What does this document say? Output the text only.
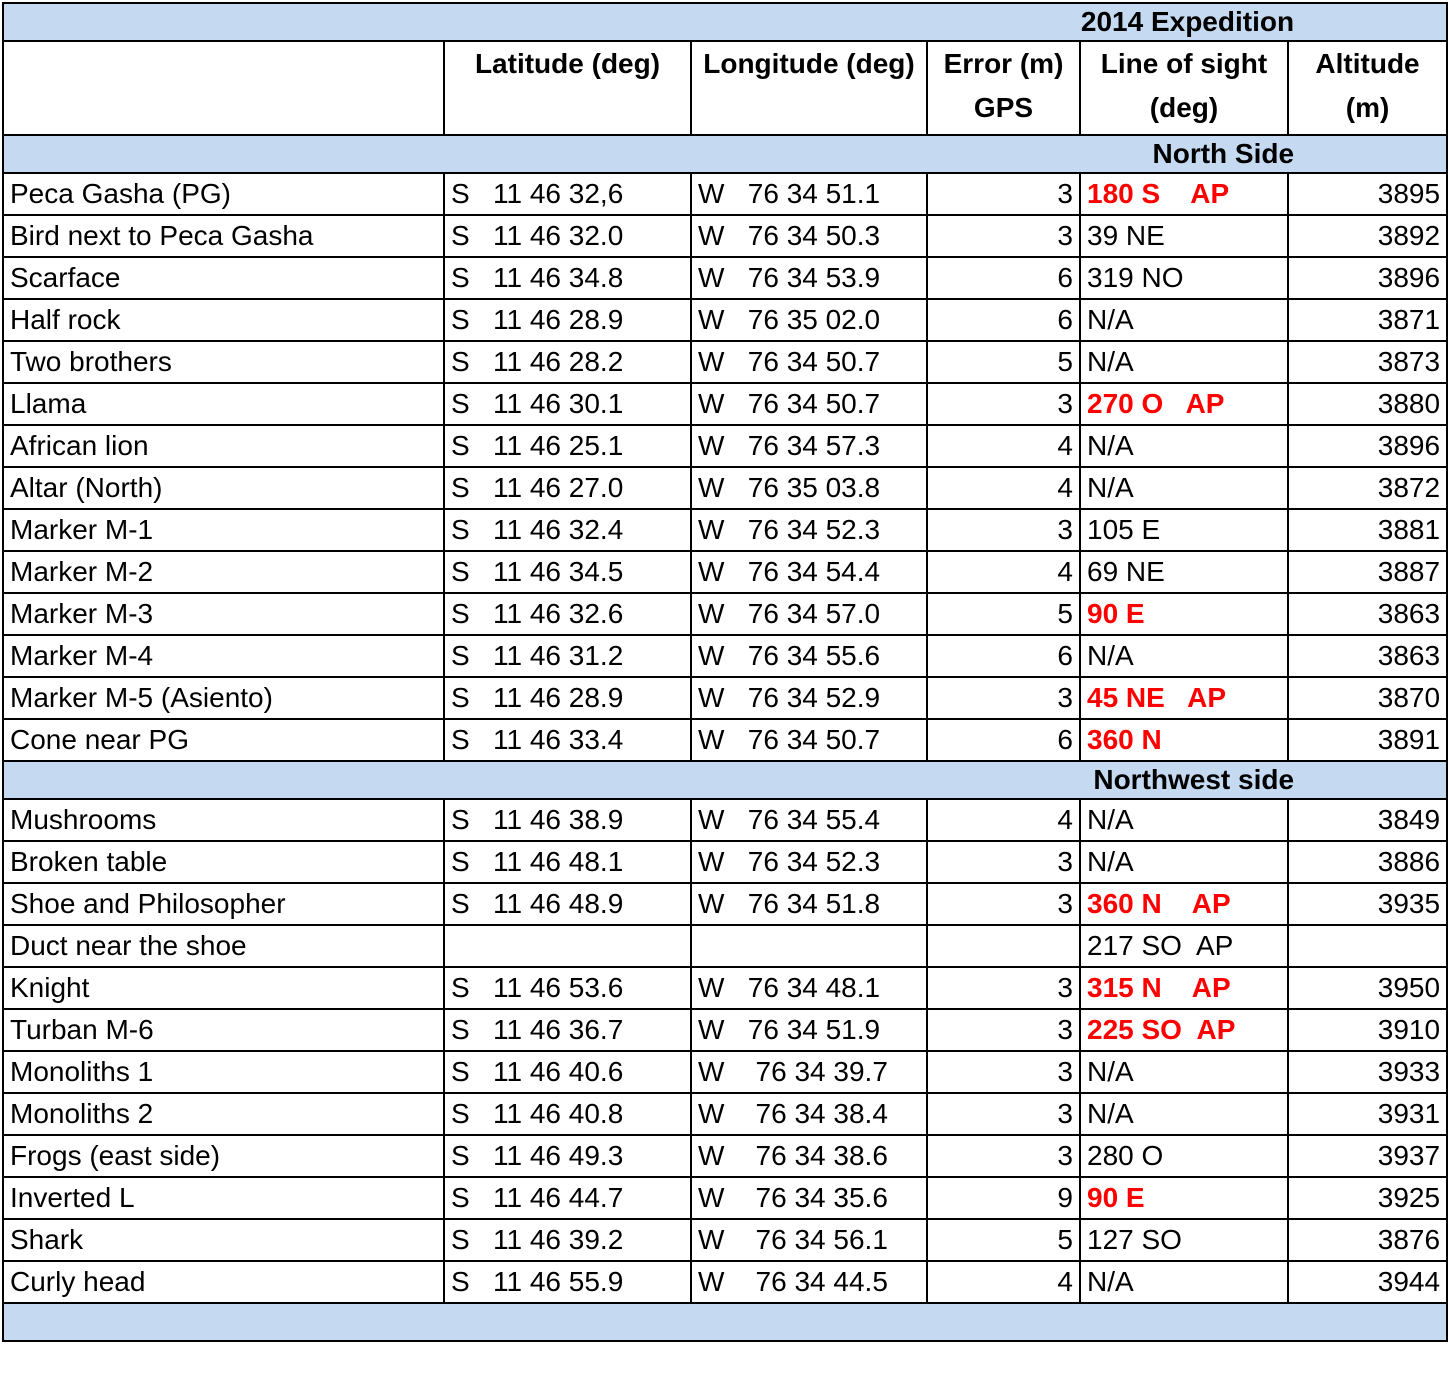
2014 Expedition					
	Latitude (deg)	Longitude (deg)	Error (m) GPS	Line of sight (deg)	Altitude (m)
North Side					
Peca Gasha (PG)	S   11 46 32,6	W   76 34 51.1	3	180 S    AP	3895
Bird next to Peca Gasha	S   11 46 32.0	W   76 34 50.3	3	39 NE	3892
Scarface	S   11 46 34.8	W   76 34 53.9	6	319 NO	3896
Half rock	S   11 46 28.9	W   76 35 02.0	6	N/A	3871
Two brothers	S   11 46 28.2	W   76 34 50.7	5	N/A	3873
Llama	S   11 46 30.1	W   76 34 50.7	3	270 O   AP	3880
African lion	S   11 46 25.1	W   76 34 57.3	4	N/A	3896
Altar (North)	S   11 46 27.0	W   76 35 03.8	4	N/A	3872
Marker M-1	S   11 46 32.4	W   76 34 52.3	3	105 E	3881
Marker M-2	S   11 46 34.5	W   76 34 54.4	4	69 NE	3887
Marker M-3	S   11 46 32.6	W   76 34 57.0	5	90 E	3863
Marker M-4	S   11 46 31.2	W   76 34 55.6	6	N/A	3863
Marker M-5 (Asiento)	S   11 46 28.9	W   76 34 52.9	3	45 NE   AP	3870
Cone near PG	S   11 46 33.4	W   76 34 50.7	6	360 N	3891
Northwest side					
Mushrooms	S   11 46 38.9	W   76 34 55.4	4	N/A	3849
Broken table	S   11 46 48.1	W   76 34 52.3	3	N/A	3886
Shoe and Philosopher	S   11 46 48.9	W   76 34 51.8	3	360 N    AP	3935
Duct near the shoe				217 SO  AP	
Knight	S   11 46 53.6	W   76 34 48.1	3	315 N    AP	3950
Turban M-6	S   11 46 36.7	W   76 34 51.9	3	225 SO  AP	3910
Monoliths 1	S   11 46 40.6	W    76 34 39.7	3	N/A	3933
Monoliths 2	S   11 46 40.8	W    76 34 38.4	3	N/A	3931
Frogs (east side)	S   11 46 49.3	W    76 34 38.6	3	280 O	3937
Inverted L	S   11 46 44.7	W    76 34 35.6	9	90 E	3925
Shark	S   11 46 39.2	W    76 34 56.1	5	127 SO	3876
Curly head	S   11 46 55.9	W    76 34 44.5	4	N/A	3944
